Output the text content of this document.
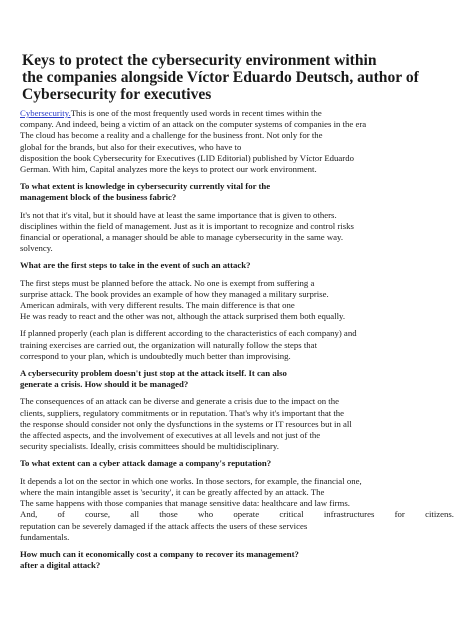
Keys to protect the cybersecurity environment within
the companies alongside Víctor Eduardo Deutsch, author of
Cybersecurity for executives
Cybersecurity.This is one of the most frequently used words in recent times within the
company. And indeed, being a victim of an attack on the computer systems of companies in the era
The cloud has become a reality and a challenge for the business front. Not only for the
global for the brands, but also for their executives, who have to
disposition the book Cybersecurity for Executives (LID Editorial) published by Víctor Eduardo
German. With him, Capital analyzes more the keys to protect our work environment.
To what extent is knowledge in cybersecurity currently vital for the
management block of the business fabric?
It's not that it's vital, but it should have at least the same importance that is given to others.
disciplines within the field of management. Just as it is important to recognize and control risks
financial or operational, a manager should be able to manage cybersecurity in the same way.
solvency.
What are the first steps to take in the event of such an attack?
The first steps must be planned before the attack. No one is exempt from suffering a
surprise attack. The book provides an example of how they managed a military surprise.
American admirals, with very different results. The main difference is that one
He was ready to react and the other was not, although the attack surprised them both equally.
If planned properly (each plan is different according to the characteristics of each company) and
training exercises are carried out, the organization will naturally follow the steps that
correspond to your plan, which is undoubtedly much better than improvising.
A cybersecurity problem doesn't just stop at the attack itself. It can also
generate a crisis. How should it be managed?
The consequences of an attack can be diverse and generate a crisis due to the impact on the
clients, suppliers, regulatory commitments or in reputation. That's why it's important that the
the response should consider not only the dysfunctions in the systems or IT resources but in all
the affected aspects, and the involvement of executives at all levels and not just of the
security specialists. Ideally, crisis committees should be multidisciplinary.
To what extent can a cyber attack damage a company's reputation?
It depends a lot on the sector in which one works. In those sectors, for example, the financial one,
where the main intangible asset is 'security', it can be greatly affected by an attack. The
The same happens with those companies that manage sensitive data: healthcare and law firms.
And, of course, all those who operate critical infrastructures for citizens.
reputation can be severely damaged if the attack affects the users of these services
fundamentals.
How much can it economically cost a company to recover its management?
after a digital attack?
